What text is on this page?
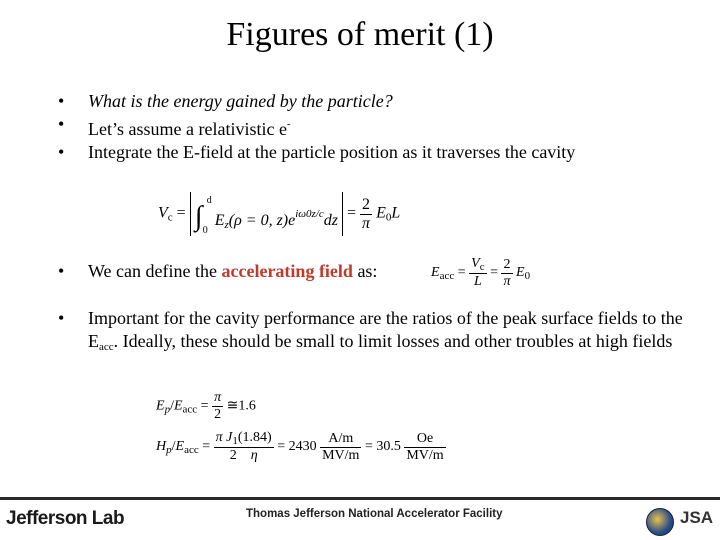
Figures of merit (1)

• What is the energy gained by the particle?

• Let’s assume a relativistic e-

• Integrate the E-field at the particle position as it traverses the cavity

$V_c$ = ∫
d
0
$E_z(\rho = 0$, $z)e^{i\omega 0z/c}dz = \frac{2}{\pi} E_0L$

• We can define the accelerating field as:	$E_{acc} = \frac{V_c}{L} = \frac{2}{\pi} E_0$

• Important for the cavity performance are the ratios of the peak surface fields to the $E_{acc}$. Ideally, these should be small to limit losses and other troubles at high fields

$E_p/E_{acc} = \frac{\pi}{2}$ ≅1.6
$H_p/E_{acc} = \frac{\pi J_1(1.84)}{2 \eta} = 2430 \frac{A/m}{MV/m} = 30.5 \frac{Oe}{MV/m}$
Jefferson Lab	Thomas Jefferson National Accelerator Facility	JSA
